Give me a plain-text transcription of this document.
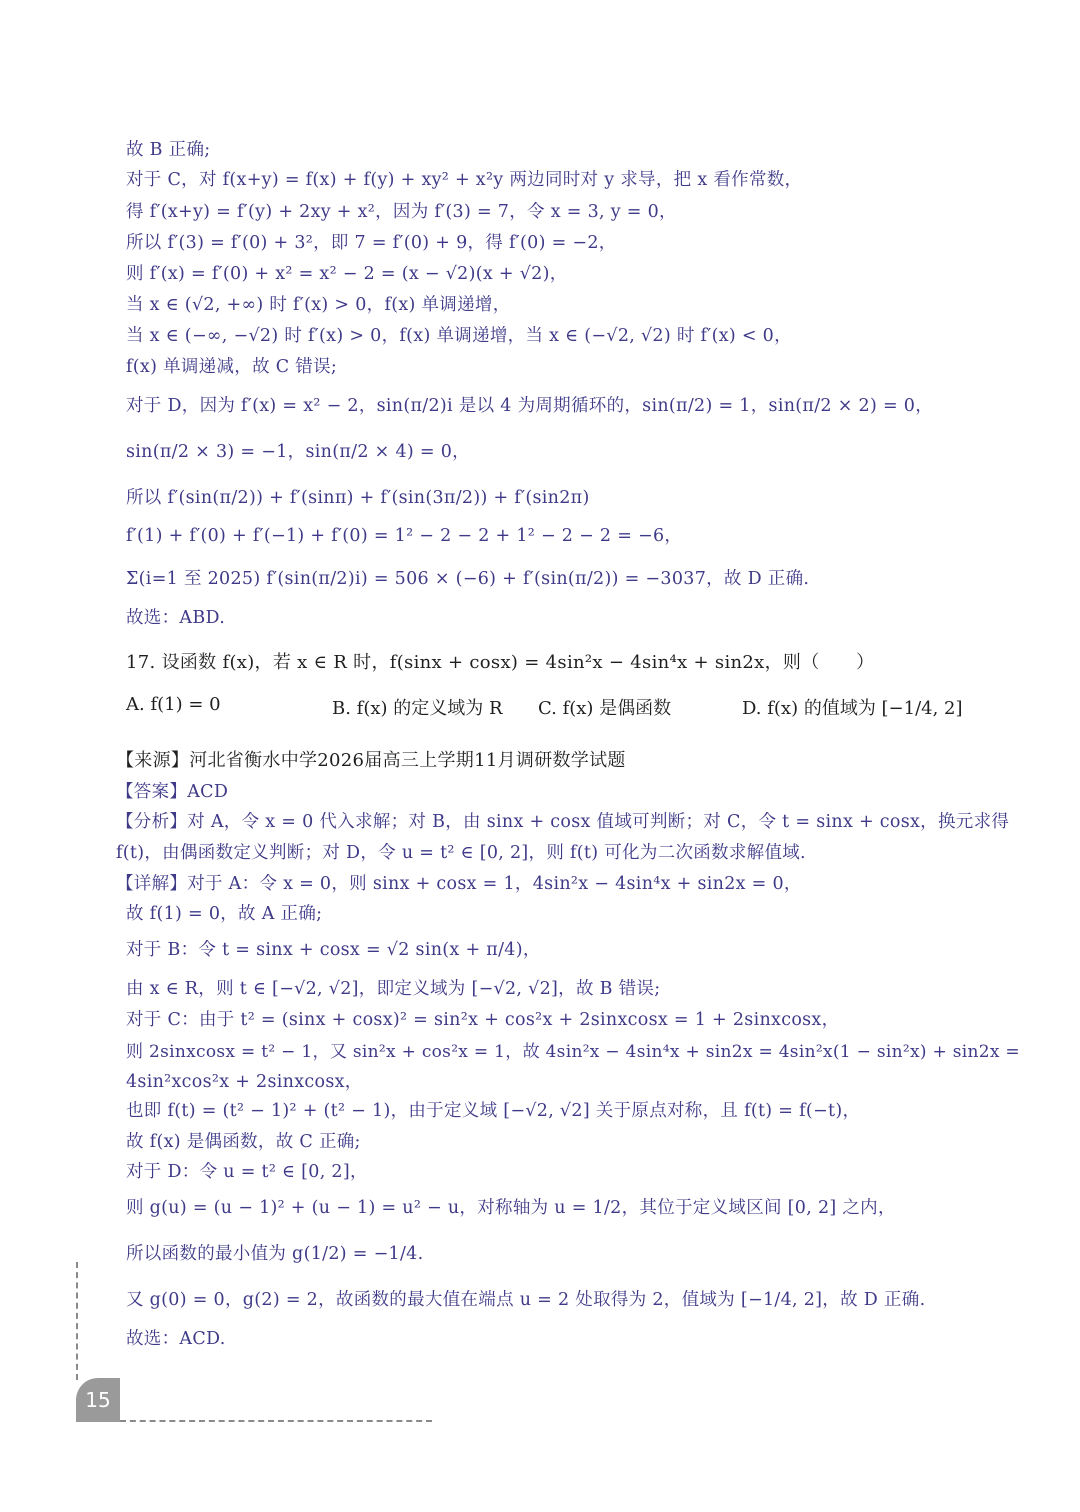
故 B 正确;
对于 C，对 f(x+y) = f(x) + f(y) + xy² + x²y 两边同时对 y 求导，把 x 看作常数，
得 f′(x+y) = f′(y) + 2xy + x²，因为 f′(3) = 7，令 x = 3, y = 0，
所以 f′(3) = f′(0) + 3²，即 7 = f′(0) + 9，得 f′(0) = −2，
则 f′(x) = f′(0) + x² = x² − 2 = (x − √2)(x + √2)，
当 x ∈ (√2, +∞) 时 f′(x) > 0，f(x) 单调递增，
当 x ∈ (−∞, −√2) 时 f′(x) > 0，f(x) 单调递增，当 x ∈ (−√2, √2) 时 f′(x) < 0，
f(x) 单调递减，故 C 错误;
对于 D，因为 f′(x) = x² − 2，sin(π/2)i 是以 4 为周期循环的，sin(π/2) = 1，sin(π/2 × 2) = 0，
sin(π/2 × 3) = −1，sin(π/2 × 4) = 0，
所以 f′(sin(π/2)) + f′(sinπ) + f′(sin(3π/2)) + f′(sin2π)
f′(1) + f′(0) + f′(−1) + f′(0) = 1² − 2 − 2 + 1² − 2 − 2 = −6，
Σ(i=1 至 2025) f′(sin(π/2)i) = 506 × (−6) + f′(sin(π/2)) = −3037，故 D 正确.
故选：ABD.
17. 设函数 f(x)，若 x ∈ R 时，f(sinx + cosx) = 4sin²x − 4sin⁴x + sin2x，则（　　）
A. f(1) = 0	B. f(x) 的定义域为 R C. f(x) 是偶函数	D. f(x) 的值域为 [−1/4, 2]
【来源】河北省衡水中学2026届高三上学期11月调研数学试题
【答案】ACD
【分析】对 A，令 x = 0 代入求解；对 B，由 sinx + cosx 值域可判断；对 C，令 t = sinx + cosx，换元求得
f(t)，由偶函数定义判断；对 D，令 u = t² ∈ [0, 2]，则 f(t) 可化为二次函数求解值域.
【详解】对于 A：令 x = 0，则 sinx + cosx = 1，4sin²x − 4sin⁴x + sin2x = 0，
故 f(1) = 0，故 A 正确;
对于 B：令 t = sinx + cosx = √2 sin(x + π/4)，
由 x ∈ R，则 t ∈ [−√2, √2]，即定义域为 [−√2, √2]，故 B 错误;
对于 C：由于 t² = (sinx + cosx)² = sin²x + cos²x + 2sinxcosx = 1 + 2sinxcosx，
则 2sinxcosx = t² − 1，又 sin²x + cos²x = 1，故 4sin²x − 4sin⁴x + sin2x = 4sin²x(1 − sin²x) + sin2x =
4sin²xcos²x + 2sinxcosx，
也即 f(t) = (t² − 1)² + (t² − 1)，由于定义域 [−√2, √2] 关于原点对称，且 f(t) = f(−t)，
故 f(x) 是偶函数，故 C 正确;
对于 D：令 u = t² ∈ [0, 2]，
则 g(u) = (u − 1)² + (u − 1) = u² − u，对称轴为 u = 1/2，其位于定义域区间 [0, 2] 之内，
所以函数的最小值为 g(1/2) = −1/4.
又 g(0) = 0，g(2) = 2，故函数的最大值在端点 u = 2 处取得为 2，值域为 [−1/4, 2]，故 D 正确.
故选：ACD.
15
